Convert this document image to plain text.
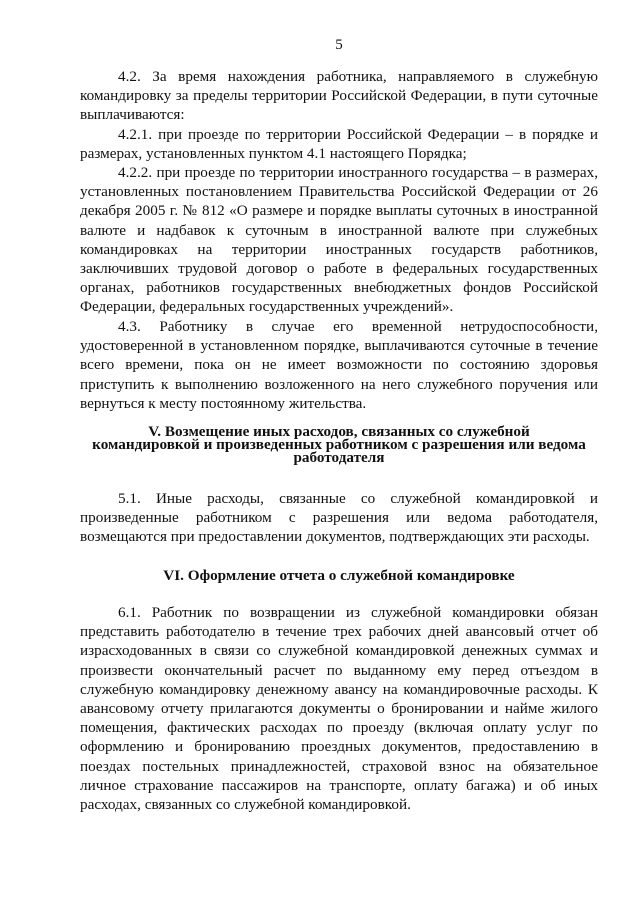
5

4.2. За время нахождения работника, направляемого в служебную командировку за пределы территории Российской Федерации, в пути суточные выплачиваются:

4.2.1. при проезде по территории Российской Федерации – в порядке и размерах, установленных пунктом 4.1 настоящего Порядка;

4.2.2. при проезде по территории иностранного государства – в размерах, установленных постановлением Правительства Российской Федерации от 26 декабря 2005 г. № 812 «О размере и порядке выплаты суточных в иностранной валюте и надбавок к суточным в иностранной валюте при служебных командировках на территории иностранных государств работников, заключивших трудовой договор о работе в федеральных государственных органах, работников государственных внебюджетных фондов Российской Федерации, федеральных государственных учреждений».

4.3. Работнику в случае его временной нетрудоспособности, удостоверенной в установленном порядке, выплачиваются суточные в течение всего времени, пока он не имеет возможности по состоянию здоровья приступить к выполнению возложенного на него служебного поручения или вернуться к месту постоянному жительства.

V. Возмещение иных расходов, связанных со служебной
командировкой и произведенных работником с разрешения или ведома
работодателя

5.1. Иные расходы, связанные со служебной командировкой и произведенные работником с разрешения или ведома работодателя, возмещаются при предоставлении документов, подтверждающих эти расходы.

VI. Оформление отчета о служебной командировке

6.1. Работник по возвращении из служебной командировки обязан представить работодателю в течение трех рабочих дней авансовый отчет об израсходованных в связи со служебной командировкой денежных суммах и произвести окончательный расчет по выданному ему перед отъездом в служебную командировку денежному авансу на командировочные расходы. К авансовому отчету прилагаются документы о бронировании и найме жилого помещения, фактических расходах по проезду (включая оплату услуг по оформлению и бронированию проездных документов, предоставлению в поездах постельных принадлежностей, страховой взнос на обязательное личное страхование пассажиров на транспорте, оплату багажа) и об иных расходах, связанных со служебной командировкой.
